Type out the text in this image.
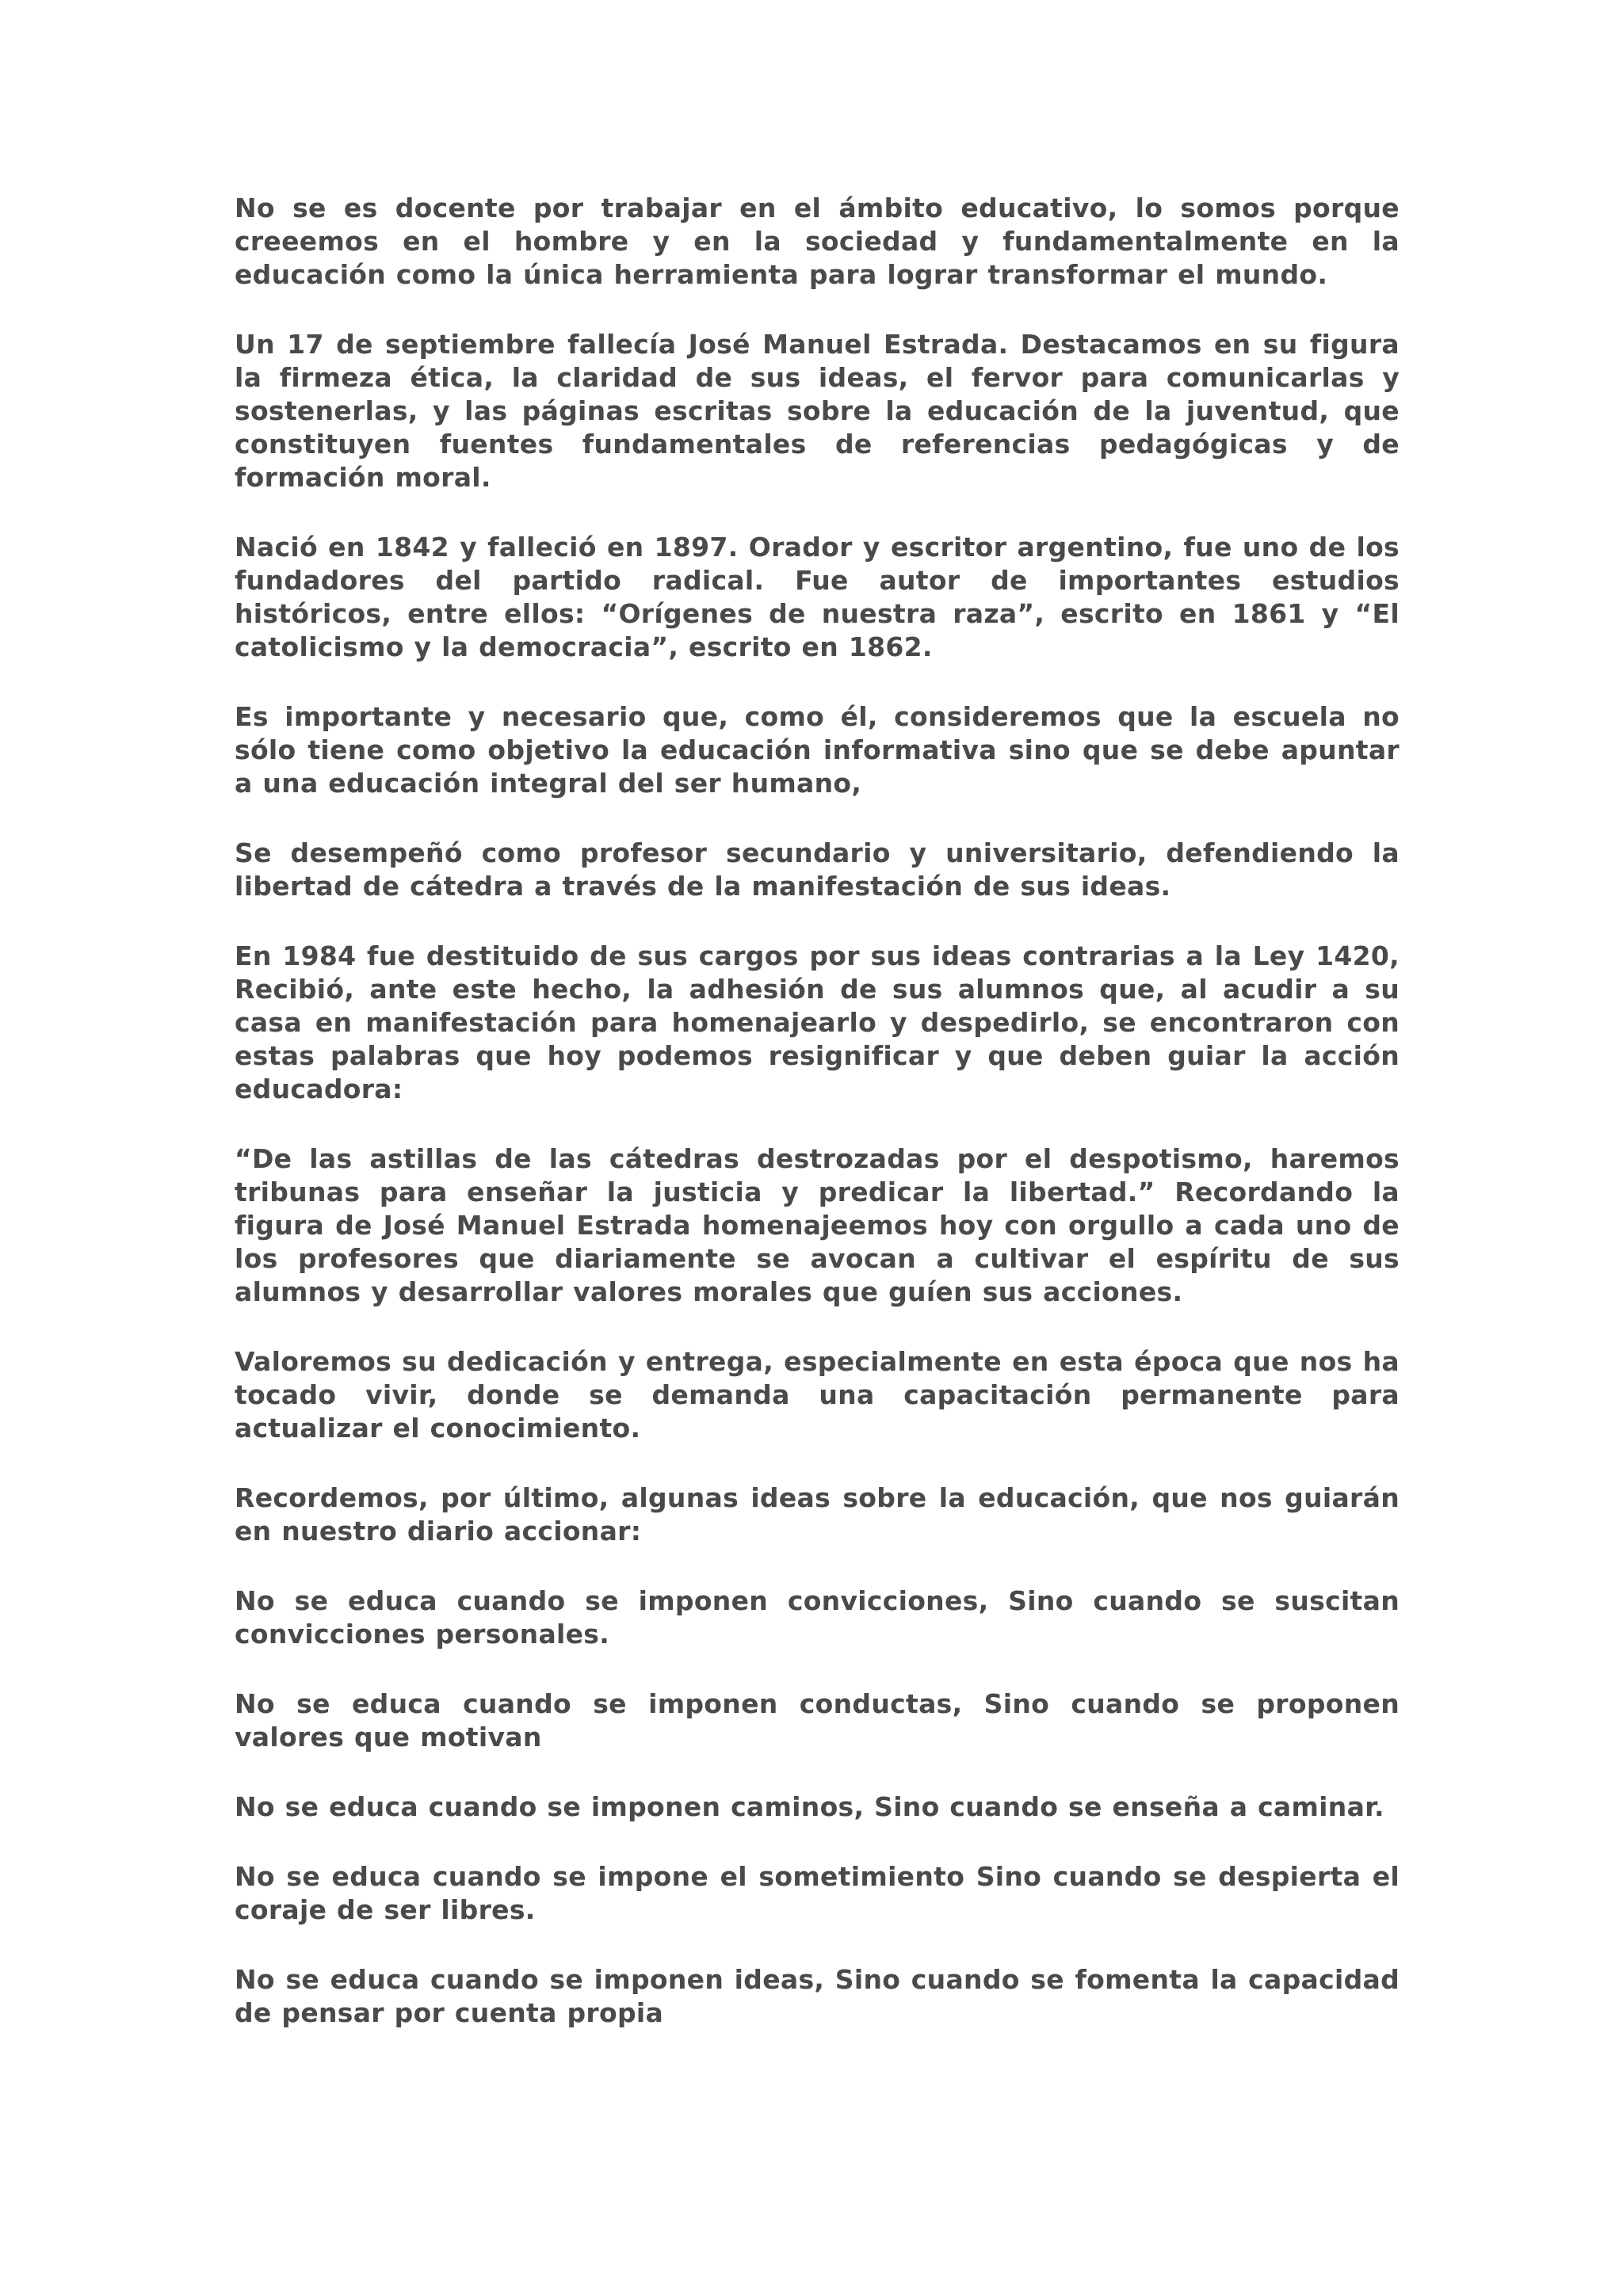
No se es docente por trabajar en el ámbito educativo, lo somos porque creeemos en el hombre y en la sociedad y fundamentalmente en la educación como la única herramienta para lograr transformar el mundo.

Un 17 de septiembre fallecía José Manuel Estrada. Destacamos en su figura la firmeza ética, la claridad de sus ideas, el fervor para comunicarlas y sostenerlas, y las páginas escritas sobre la educación de la juventud, que constituyen fuentes fundamentales de referencias pedagógicas y de formación moral.

Nació en 1842 y falleció en 1897. Orador y escritor argentino, fue uno de los fundadores del partido radical. Fue autor de importantes estudios históricos, entre ellos: “Orígenes de nuestra raza”, escrito en 1861 y “El catolicismo y la democracia”, escrito en 1862.

Es importante y necesario que, como él, consideremos que la escuela no sólo tiene como objetivo la educación informativa sino que se debe apuntar a una educación integral del ser humano,

Se desempeñó como profesor secundario y universitario, defendiendo la libertad de cátedra a través de la manifestación de sus ideas.

En 1984 fue destituido de sus cargos por sus ideas contrarias a la Ley 1420, Recibió, ante este hecho, la adhesión de sus alumnos que, al acudir a su casa en manifestación para homenajearlo y despedirlo, se encontraron con estas palabras que hoy podemos resignificar y que deben guiar la acción educadora:

“De las astillas de las cátedras destrozadas por el despotismo, haremos tribunas para enseñar la justicia y predicar la libertad.” Recordando la figura de José Manuel Estrada homenajeemos hoy con orgullo a cada uno de los profesores que diariamente se avocan a cultivar el espíritu de sus alumnos y desarrollar valores morales que guíen sus acciones.

Valoremos su dedicación y entrega, especialmente en esta época que nos ha tocado vivir, donde se demanda una capacitación permanente para actualizar el conocimiento.

Recordemos, por último, algunas ideas sobre la educación, que nos guiarán en nuestro diario accionar:

No se educa cuando se imponen convicciones, Sino cuando se suscitan convicciones personales.

No se educa cuando se imponen conductas, Sino cuando se proponen valores que motivan

No se educa cuando se imponen caminos, Sino cuando se enseña a caminar.

No se educa cuando se impone el sometimiento Sino cuando se despierta el coraje de ser libres.

No se educa cuando se imponen ideas, Sino cuando se fomenta la capacidad de pensar por cuenta propia
